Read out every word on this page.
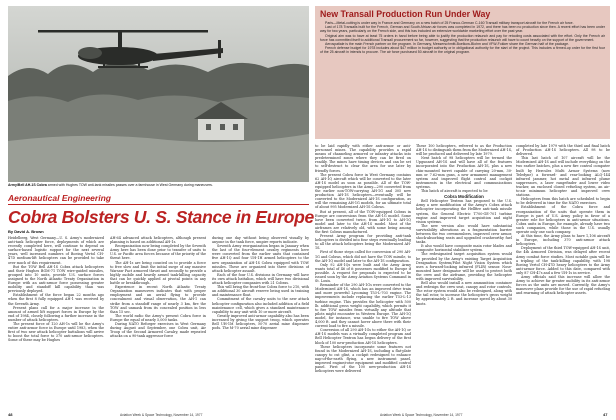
Army/Bell AH-1S Cobra armed with Hughes TOW anti-tank missiles passes over a farmhouse in West Germany during maneuvers.
Aeronautical Engineering
Cobra Bolsters U. S. Stance in Europe
By David A. Brown

Heidelberg, West Germany—U. S. Army's modernized anti-tank helicopter force, deployments of which are recently completed here, will continue to depend on surface-based logistic support for the next several years, well increased numbers of Boeing Vertol CH-47D medium-lift helicopters can be provided to take over much of this requirement.

But the TOW Bell AH-1S Cobra attack helicopters and their Hughes BGM-71 TOW wire-guided missiles, grouped into 10 units, provide U.S. surface forces assigned to the North Atlantic Treaty Organization in Europe with an anti-armor force possessing greater mobility and standoff kill capability than was previously deployed.

Establishment of the force began 22 months ago when the first 8 fully equipped AH-1 was received by the Seventh Army.

Present plans call for a major increase in the amount of armed lift support forces in Europe by the end of 1984, closely following a further increase in the number of attack helicopters.

The present force of 120 AH-1s will be the Army's entire anti-armor force in Europe until 1983, when the first of two new attack helicopter battalions will arrive to boost the total force to 370 anti-armor helicopters. Some of these may be Hughes

AH-64 advanced attack helicopters, although present planning is based on additional AH-1s.

Reorganization now being completed by the Seventh Army here has been done prior to transfer of units to U.S. or Pacific area forces because of the priority of the threat here.

The AH-1s are being counted on to provide a force to free slow and limit the initial surge of any massive Warsaw Pact armored thrust and secondly to provide a highly mobile and heavily armed tank-killing capacity that can be quickly applied at pivotal points in any battle or breakthrough.

Experience in recent North Atlantic Treaty Organization maneuvers indicates that with proper employment and an aerial flying to provide concealment and visual observation, the AH-1 can strike from a standoff range of nearly 3 km, fire the TOW and unmask from its concealed position in less than 15 sec.

The world radio the Army's present Cobra force in Europe the equal of nearly 5,000 tanks.

During NATO Reforger exercises in West Germany during August and September, one Cobra unit, Air Troop of the Second Armored Cavalry, made repeated attacks on a 90-tank aggressor force

during one day without being observed visually by anyone in the tank force, umpire reports indicate.

Seventh Army reorganization began in January when the last of the four-element cavalry regiments here were converted from the earlier units that contained five AH-1Q and four UH-1H armed helicopters to the new organization of AH-1S Cobra equipped with TOW missiles. These are organized into three divisions of attack helicopter assault.

Each of the four U.S. divisions in Germany will have its own attack battalion, which will have two divisional attack helicopter companies with 21 Cobras.

This will bring the front-line Cobra force to 210, with an additional 30 aircraft reserve being used in training and maintenance float.

Commitment of the cavalry units to the new attack helicopter configuration also included addition of a field maintenance cell, which gives a standard maintenance capability to any unit with 10 or more aircraft.

Greatly improved anti-armor capability also has been increased by giving the support troop, which operates Bell UH-1M helicopters, M-70 aerial mine dispenser pods. The M-70 aerial mine dispenser

New Transall Production Run Under Way

Paris—Metal-cutting is under way in France and Germany on a new batch of 25 Franco-German C-160 Transall military transport aircraft for the French air force.

Last of 178 Transalls built for the French, German and South African air forces was completed in 1972, and there has been no production since then. A recent effort has been under way for two years, particularly on the French side, and this has included an extensive worldwide marketing effort over the past year.

Original aim was to have at least 75 orders in hand before being able to justify the production relaunch and pay for retooling costs associated with the effort. Only the French air force has committed itself to additional Transall procurement so far, however, suggesting that the production relaunch will have to count heavily on the support of the government.

Aerospatiale is the main French partner on the program. In Germany, Messerschmitt-Boelkow-Blohm and VFW-Fokker share the German half of the package.

French defense budget for 1978 includes about $47 million in budget authority or in obligational authority for the start of the project. This includes a firmed-up order for the first four of the 25 aircraft in intends to procure. The air force purchased 50 aircraft in the original program.

to be laid rapidly with either anti-armor or anti-personnel mines. The capability provides a rapid means of channeling armored or infantry attacks into predetermined zones where they can be fired on readily. The mines have timing devices and can be set to self-destruct to clear the area for use later by friendly forces.

The present Cobra force in West Germany contains 62 AH-1Q aircraft which will be converted to the later AH-1S model as soon as possible. All of the TOW-equipped helicopters in the Army—290 converted from the earlier non-TOW-carrying AH-1G and 305 new production AH-1S helicopters—eventually will be converted to the Modernized AH-1S configuration, as will the remaining AH-1G models, for an ultimate total of about 995 Modernized AH-1S Cobras.

But at present, all of the TOW-equipped Cobras in Europe are conversions from the AH-1G model. Some have been converted twice, from AH-1G to AH-1Q model and later to the AH-1S model. Most of the airframes are relatively old, with some being among the first Cobras manufactured.

Present Army program for providing anti-tank helicopters is divided into four steps eventually leading to all the attack helicopters being the Modernized AH-1S.

First of those steps called for conversion of 290 AH-1G and Cobras, which did not have the TOW missile, to the AH-1Q model and later to the AH-1S configuration.

Only 92 AH-1Qs were built and the Army Army wants total of 46 of it possesses modified to Europe if possible. A request for proposals is expected to be issued soon by the Army Aviation Systems Command in St. Louis.

Remainder of the 290 AH-1Gs were converted to the Modernized AH-1S, which has an improved drive train and more powerful Lycoming T53-L-703 engine. The improvements include replacing the earlier T53-L-13 turbine engine. This provides the helicopter with 500 lb. additional gross weight capability, which permits it to fire TOW missiles from virtually any altitude that pilots might encounter in Western Europe. The AH-1Q model, for instance, was unable to fire TOW above 4,000 ft. and they cannot hover above there with their current load to fire a missile.

Conversion of all 290 AH-1Gs to either the AH-1Q or AH-1S models was a virtually completed program and Bell Helicopter Textron has begun delivery of the first block of 100 new-production AH-1S helicopters.

These helicopters incorporate some features not found in the Modernized AH-1S, including a flat-plate canopy to cut glint, a cockpit redesigned to enhance nap-of-the-earth flying, a new instrument panel, improved engine/rotor equipment and modified control panel. First of the 100 new-production AH-1S helicopters were delivered

These 100 helicopters, referred to as the Production AH-1S to distinguish them from the Modernized AH-1S, will be produced and delivered by late 1979.

Next batch of 98 helicopters will be termed the Upgunned AH-1S and will have all of the features incorporated into the Production AH-1S, plus a new chin-mounted turret capable of carrying 20-mm, 30-mm or 7.62-mm guns, a new armament management system and improved flight control and cockpit instruments in the electrical and communications systems.

This batch of aircraft is expected to be

Cobra Modification

Bell Helicopter Textron has proposed to the U.S. Army a new modification of the Army's Cobra attack helicopter incorporating the Hellfire anti-tank missile system, the General Electric T700-GE-701 turbine engine and improved target acquisition and night vision systems.

The new version also would have substantial survivability alterations as a fragmentation barrier between the two crewmembers, improved crew armor, shock-absorbing seats and upgraded crashworthy fuel tanks.

It also would have composite main rotor blades and composite horizontal stabilizer system.

The redesignated target acquisition system would be provided by the Army's existing Target Acquisition Designation System/Pilot Night Vision System which uses a forward-looking infrared (FLIR) sensor. Nose-mounted laser designator will be used to protect both the crew and the airframe, providing the helicopter with improved survivability.

Bell also would install a new ammunition container and redesign the crew seat, canopy and rotor controls. The rotor system would also be redesigned, along with the tail rotor, to increase the helicopter's gross weight by approximately 2 ft. and increase speed by about 30 knots.

completed by late 1979 with the third and final batch of Production AH-1S helicopters. All 98 to be delivered.

This last batch of 107 aircraft will be the Modernized AH-1S and will include everything on the two earlier batches, plus a new fire control computer built by Hercules Multi Armor Systems (now Teledyne) a forward- and rear-looking ALQ-144 infrared jammer, hot metal and infrared plume suppressors, a laser rangefinder and lower video tracker, an enclosed closed refueling system, an air-to-air minimum helicopter and improved crew stations.

Helicopters from this batch are scheduled to begin to be delivered in time for the NATO exercises.

Establishment of the Cobra force and reorganization of the units that operate them in Europe is part of U.S. Army policy in favor of a greater role for helicopters in anti-armor situations. Cobra units in Europe, for example, already have two such companies, while those in the U.S. usually operate only one such company.

At this time, the Army plans to have 1,106 aircraft in Europe, including 370 anti-armor attack helicopters.

Deployment of the third TOW-equipped AH-1S unit, the 4th Armored Division, was delayed after recent Army combat force studies. Most notable gain will be a tripling of the tank-killing capability, with 198 Boeing Vertol CH-47D heavy helicopters to the Army anti-armor force. Added to this date, compared with only 87 CH-47s and a few UH-1s in service.

Army officials said this increase will allow the Army to achieve far greater mobility in its anti-armor forces as the units are moved. Currently, the Army's maneuver plans provide for the use of rapid refueling and rearming of attack helicopter assets.

48	Aviation Week & Space Technology, November 14, 1977	Aviation Week & Space Technology, November 14, 1977	47
